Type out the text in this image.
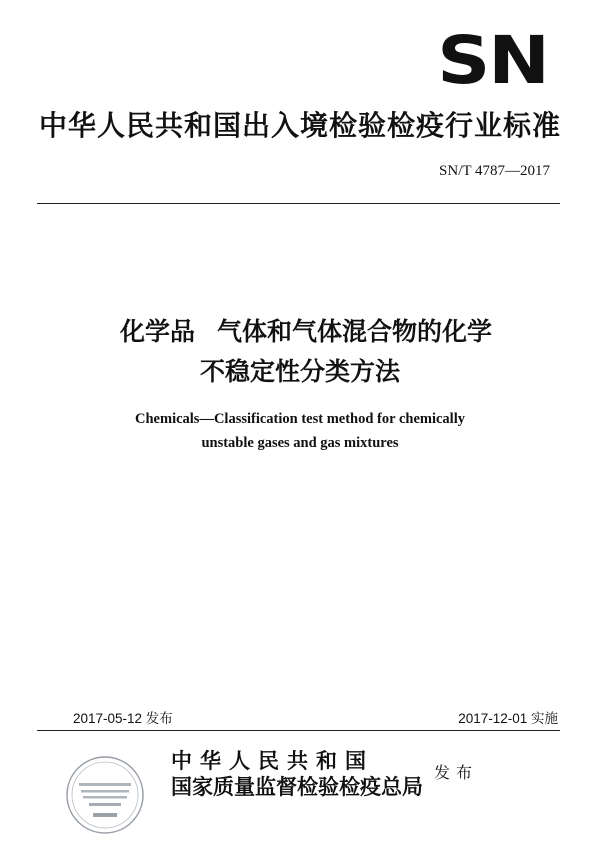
SN
中华人民共和国出入境检验检疫行业标准
SN/T 4787—2017
化学品 气体和气体混合物的化学
不稳定性分类方法
Chemicals—Classification test method for chemically
unstable gases and gas mixtures
2017-05-12 发布	2017-12-01 实施
中华人民共和国
国家质量监督检验检疫总局
发布
